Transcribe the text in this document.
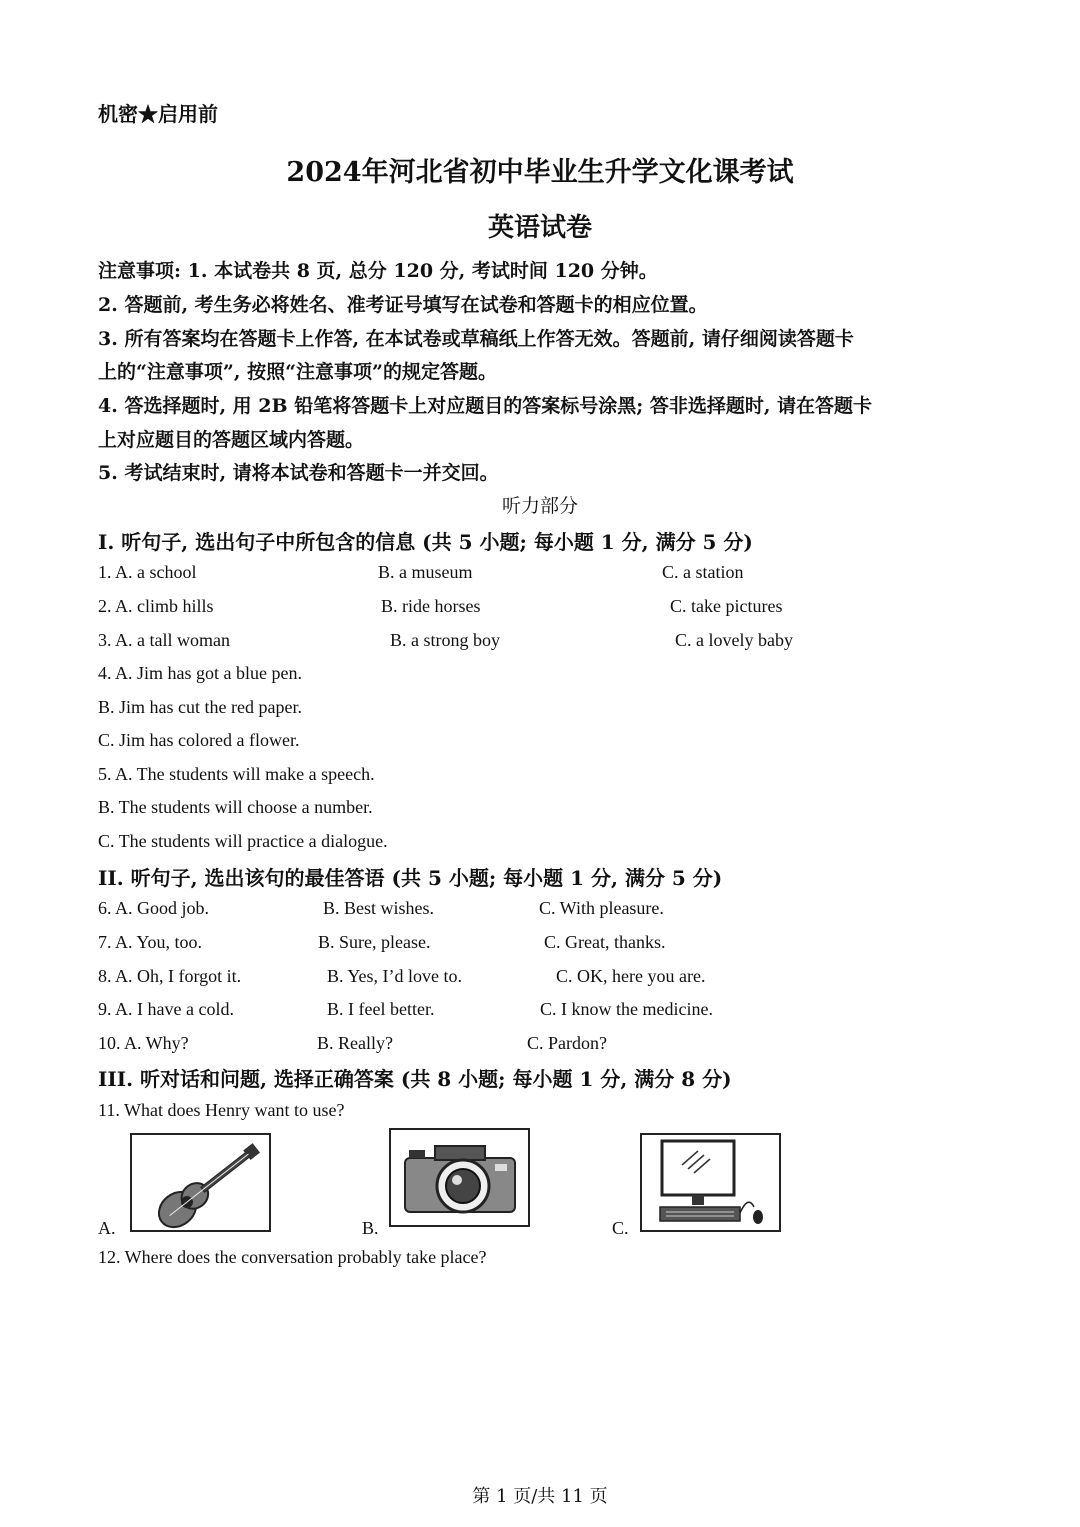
机密★启用前
2024年河北省初中毕业生升学文化课考试
英语试卷
注意事项: 1. 本试卷共 8 页, 总分 120 分, 考试时间 120 分钟。
2. 答题前, 考生务必将姓名、准考证号填写在试卷和答题卡的相应位置。
3. 所有答案均在答题卡上作答, 在本试卷或草稿纸上作答无效。答题前, 请仔细阅读答题卡
上的“注意事项”, 按照“注意事项”的规定答题。
4. 答选择题时, 用 2B 铅笔将答题卡上对应题目的答案标号涂黑; 答非选择题时, 请在答题卡
上对应题目的答题区域内答题。
5. 考试结束时, 请将本试卷和答题卡一并交回。
听力部分
I. 听句子, 选出句子中所包含的信息 (共 5 小题; 每小题 1 分, 满分 5 分)
1. A. a school	B. a museum	C. a station
2. A. climb hills	B. ride horses	C. take pictures
3. A. a tall woman	B. a strong boy	C. a lovely baby
4. A. Jim has got a blue pen.
B. Jim has cut the red paper.
C. Jim has colored a flower.
5. A. The students will make a speech.
B. The students will choose a number.
C. The students will practice a dialogue.
II. 听句子, 选出该句的最佳答语 (共 5 小题; 每小题 1 分, 满分 5 分)
6. A. Good job.	B. Best wishes.	C. With pleasure.
7. A. You, too.	B. Sure, please.	C. Great, thanks.
8. A. Oh, I forgot it.	B. Yes, I’d love to.	C. OK, here you are.
9. A. I have a cold.	B. I feel better.	C. I know the medicine.
10. A. Why?	B. Really?	C. Pardon?
III. 听对话和问题, 选择正确答案 (共 8 小题; 每小题 1 分, 满分 8 分)
11. What does Henry want to use?
A.	B.	C.
12. Where does the conversation probably take place?
第 1 页/共 11 页
